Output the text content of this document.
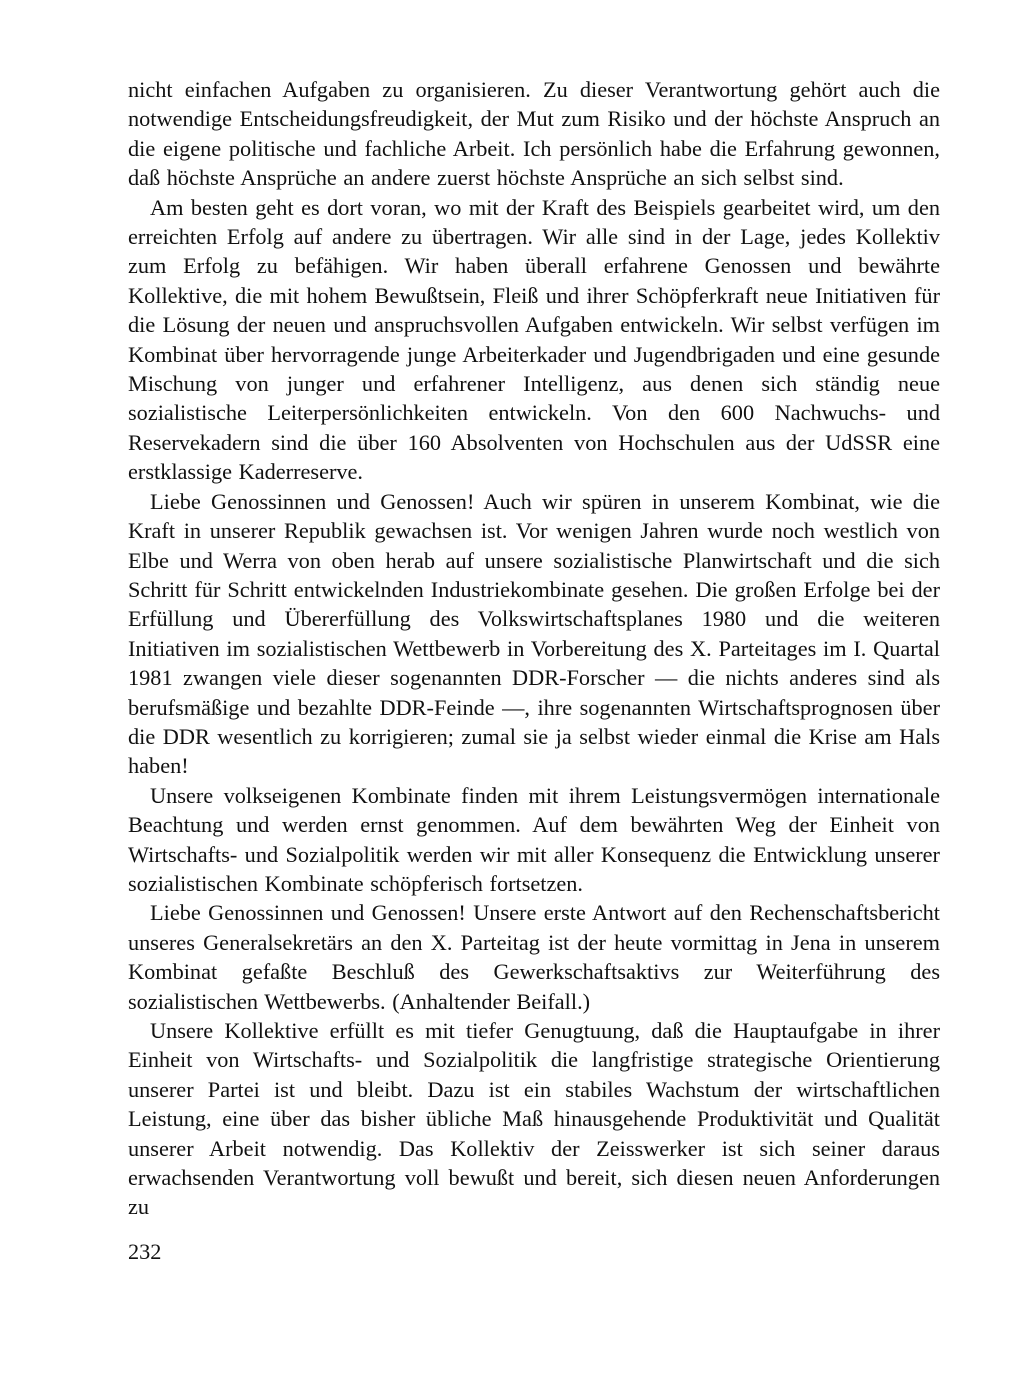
nicht einfachen Aufgaben zu organisieren. Zu dieser Verantwortung gehört auch die notwendige Entscheidungsfreudigkeit, der Mut zum Risiko und der höchste Anspruch an die eigene politische und fachliche Arbeit. Ich persönlich habe die Erfahrung gewonnen, daß höchste Ansprüche an andere zuerst höchste Ansprüche an sich selbst sind.

Am besten geht es dort voran, wo mit der Kraft des Beispiels gearbeitet wird, um den erreichten Erfolg auf andere zu übertragen. Wir alle sind in der Lage, jedes Kollektiv zum Erfolg zu befähigen. Wir haben überall erfahrene Genossen und bewährte Kollektive, die mit hohem Bewußtsein, Fleiß und ihrer Schöpferkraft neue Initiativen für die Lösung der neuen und anspruchsvollen Aufgaben entwickeln. Wir selbst verfügen im Kombinat über hervorragende junge Arbeiterkader und Jugendbrigaden und eine gesunde Mischung von junger und erfahrener Intelligenz, aus denen sich ständig neue sozialistische Leiterpersönlichkeiten entwickeln. Von den 600 Nachwuchs- und Reservekadern sind die über 160 Absolventen von Hochschulen aus der UdSSR eine erstklassige Kaderreserve.

Liebe Genossinnen und Genossen! Auch wir spüren in unserem Kombinat, wie die Kraft in unserer Republik gewachsen ist. Vor wenigen Jahren wurde noch westlich von Elbe und Werra von oben herab auf unsere sozialistische Planwirtschaft und die sich Schritt für Schritt entwickelnden Industriekombinate gesehen. Die großen Erfolge bei der Erfüllung und Übererfüllung des Volkswirtschaftsplanes 1980 und die weiteren Initiativen im sozialistischen Wettbewerb in Vorbereitung des X. Parteitages im I. Quartal 1981 zwangen viele dieser sogenannten DDR-Forscher — die nichts anderes sind als berufsmäßige und bezahlte DDR-Feinde —, ihre sogenannten Wirtschaftsprognosen über die DDR wesentlich zu korrigieren; zumal sie ja selbst wieder einmal die Krise am Hals haben!

Unsere volkseigenen Kombinate finden mit ihrem Leistungsvermögen internationale Beachtung und werden ernst genommen. Auf dem bewährten Weg der Einheit von Wirtschafts- und Sozialpolitik werden wir mit aller Konsequenz die Entwicklung unserer sozialistischen Kombinate schöpferisch fortsetzen.

Liebe Genossinnen und Genossen! Unsere erste Antwort auf den Rechenschaftsbericht unseres Generalsekretärs an den X. Parteitag ist der heute vormittag in Jena in unserem Kombinat gefaßte Beschluß des Gewerkschaftsaktivs zur Weiterführung des sozialistischen Wettbewerbs. (Anhaltender Beifall.)

Unsere Kollektive erfüllt es mit tiefer Genugtuung, daß die Hauptaufgabe in ihrer Einheit von Wirtschafts- und Sozialpolitik die langfristige strategische Orientierung unserer Partei ist und bleibt. Dazu ist ein stabiles Wachstum der wirtschaftlichen Leistung, eine über das bisher übliche Maß hinausgehende Produktivität und Qualität unserer Arbeit notwendig. Das Kollektiv der Zeisswerker ist sich seiner daraus erwachsenden Verantwortung voll bewußt und bereit, sich diesen neuen Anforderungen zu

232
